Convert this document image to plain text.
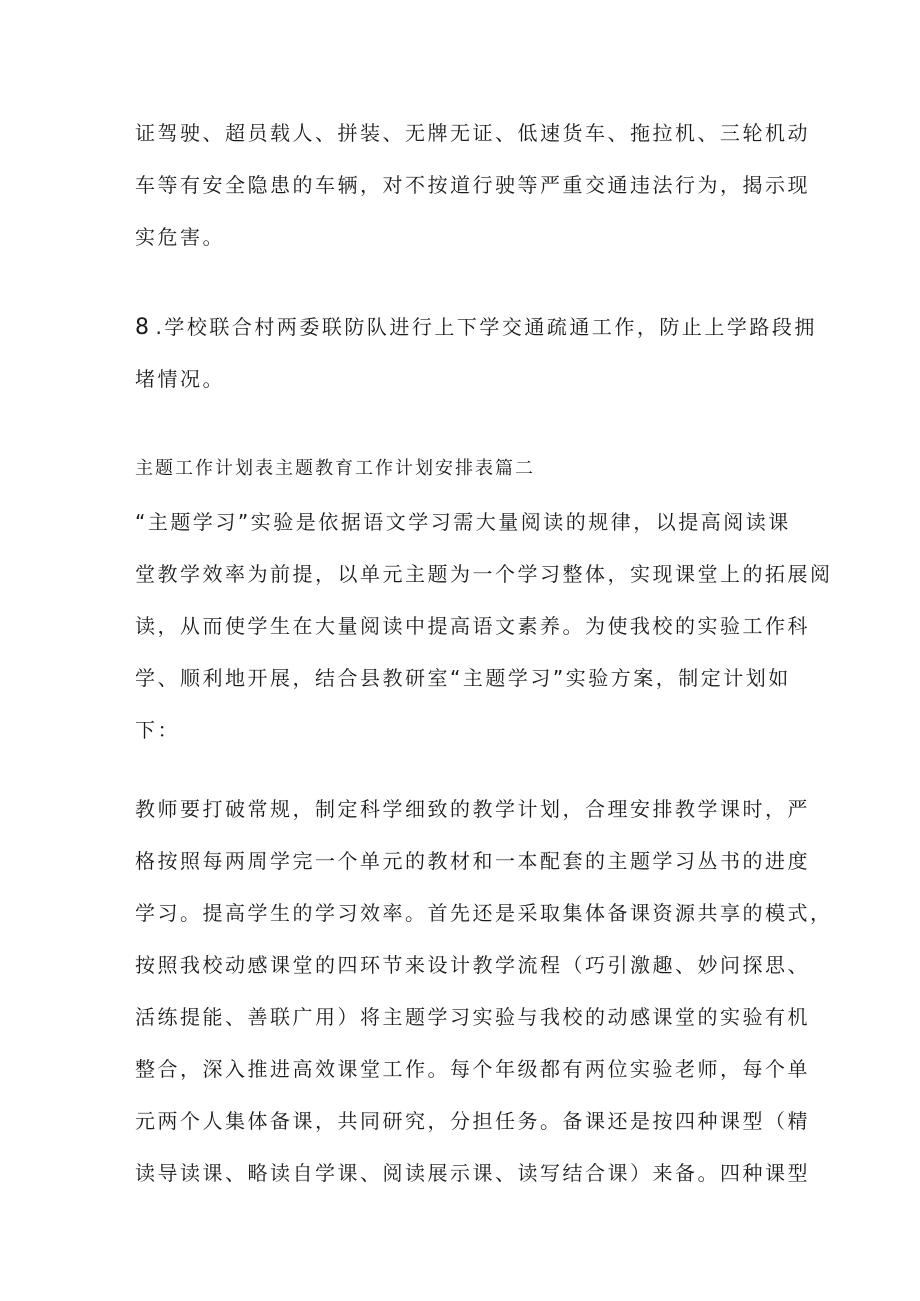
证驾驶、超员载人、拼装、无牌无证、低速货车、拖拉机、三轮机动

车等有安全隐患的车辆，对不按道行驶等严重交通违法行为，揭示现

实危害。

8 .学校联合村两委联防队进行上下学交通疏通工作，防止上学路段拥

堵情况。

主题工作计划表主题教育工作计划安排表篇二

“主题学习”实验是依据语文学习需大量阅读的规律，以提高阅读课

堂教学效率为前提，以单元主题为一个学习整体，实现课堂上的拓展阅

读，从而使学生在大量阅读中提高语文素养。为使我校的实验工作科

学、顺利地开展，结合县教研室“主题学习”实验方案，制定计划如

下：

教师要打破常规，制定科学细致的教学计划，合理安排教学课时，严

格按照每两周学完一个单元的教材和一本配套的主题学习丛书的进度

学习。提高学生的学习效率。首先还是采取集体备课资源共享的模式，

按照我校动感课堂的四环节来设计教学流程（巧引激趣、妙问探思、

活练提能、善联广用）将主题学习实验与我校的动感课堂的实验有机

整合，深入推进高效课堂工作。每个年级都有两位实验老师，每个单

元两个人集体备课，共同研究，分担任务。备课还是按四种课型（精

读导读课、略读自学课、阅读展示课、读写结合课）来备。四种课型
